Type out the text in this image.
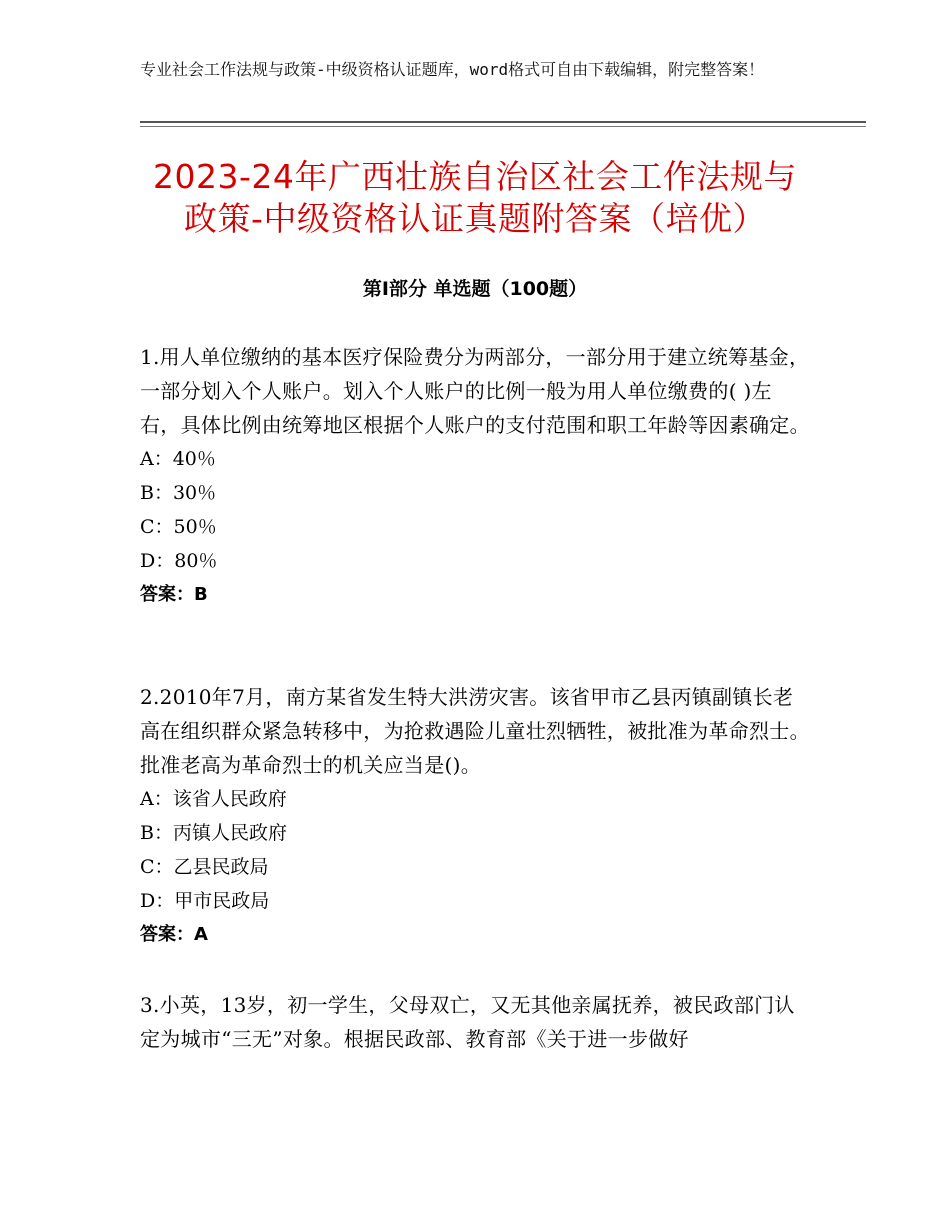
专业社会工作法规与政策-中级资格认证题库，word格式可自由下载编辑，附完整答案！
2023-24年广西壮族自治区社会工作法规与政策-中级资格认证真题附答案（培优）
第Ⅰ部分 单选题（100题）
1.用人单位缴纳的基本医疗保险费分为两部分，一部分用于建立统筹基金，一部分划入个人账户。划入个人账户的比例一般为用人单位缴费的( )左右，具体比例由统筹地区根据个人账户的支付范围和职工年龄等因素确定。
A：40％
B：30％
C：50％
D：80％
答案：B
2.2010年7月，南方某省发生特大洪涝灾害。该省甲市乙县丙镇副镇长老高在组织群众紧急转移中，为抢救遇险儿童壮烈牺牲，被批准为革命烈士。批准老高为革命烈士的机关应当是()。
A：该省人民政府
B：丙镇人民政府
C：乙县民政局
D：甲市民政局
答案：A
3.小英，13岁，初一学生，父母双亡，又无其他亲属抚养，被民政部门认定为城市“三无”对象。根据民政部、教育部《关于进一步做好
